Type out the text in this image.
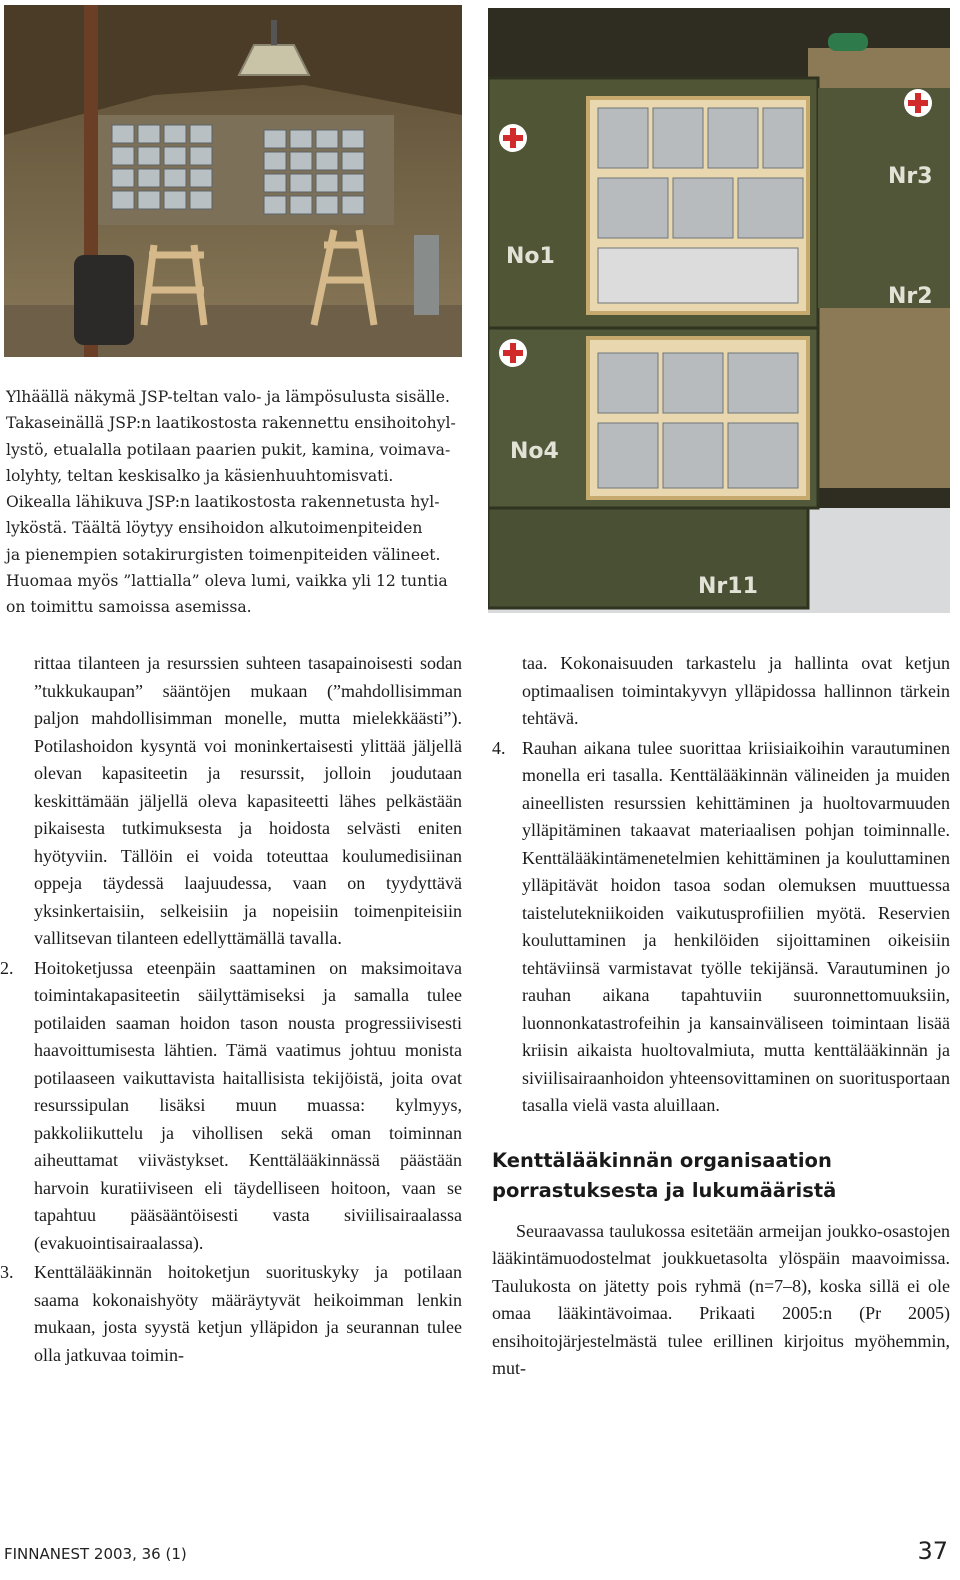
No1
Nr3
Nr2
No4
Nr11

Ylhäällä näkymä JSP-teltan valo- ja lämpösulusta sisälle.

Takaseinällä JSP:n laatikostosta rakennettu ensihoitohyl-

lystö, etualalla potilaan paarien pukit, kamina, voimava-

lolyhty, teltan keskisalko ja käsienhuuhtomisvati.

Oikealla lähikuva JSP:n laatikostosta rakennetusta hyl-

lyköstä. Täältä löytyy ensihoidon alkutoimenpiteiden

ja pienempien sotakirurgisten toimenpiteiden välineet.

Huomaa myös ”lattialla” oleva lumi, vaikka yli 12 tuntia

on toimittu samoissa asemissa.

rittaa tilanteen ja resurssien suhteen tasapainoisesti sodan ”tukkukaupan” sääntöjen mukaan (”mahdollisimman paljon mahdollisimman monelle, mutta mielekkäästi”). Potilashoidon kysyntä voi moninkertaisesti ylittää jäljellä olevan kapasiteetin ja resurssit, jolloin joudutaan keskittämään jäljellä oleva kapasiteetti lähes pelkästään pikaisesta tutkimuksesta ja hoidosta selvästi eniten hyötyviin. Tällöin ei voida toteuttaa koulumedisiinan oppeja täydessä laajuudessa, vaan on tyydyttävä yksinkertaisiin, selkeisiin ja nopeisiin toimenpiteisiin vallitsevan tilanteen edellyttämällä tavalla.

2. Hoitoketjussa eteenpäin saattaminen on maksimoitava toimintakapasiteetin säilyttämiseksi ja samalla tulee potilaiden saaman hoidon tason nousta progressiivisesti haavoittumisesta lähtien. Tämä vaatimus johtuu monista potilaaseen vaikuttavista haitallisista tekijöistä, joita ovat resurssipulan lisäksi muun muassa: kylmyys, pakkoliikuttelu ja vihollisen sekä oman toiminnan aiheuttamat viivästykset. Kenttälääkinnässä päästään harvoin kuratiiviseen eli täydelliseen hoitoon, vaan se tapahtuu pääsääntöisesti vasta siviilisairaalassa (evakuointisairaalassa).
3. Kenttälääkinnän hoitoketjun suorituskyky ja potilaan saama kokonaishyöty määräytyvät heikoimman lenkin mukaan, josta syystä ketjun ylläpidon ja seurannan tulee olla jatkuvaa toimin-

taa. Kokonaisuuden tarkastelu ja hallinta ovat ketjun optimaalisen toimintakyvyn ylläpidossa hallinnon tärkein tehtävä.

4. Rauhan aikana tulee suorittaa kriisiaikoihin varautuminen monella eri tasalla. Kenttälääkinnän välineiden ja muiden aineellisten resurssien kehittäminen ja huoltovarmuuden ylläpitäminen takaavat materiaalisen pohjan toiminnalle. Kenttälääkintämenetelmien kehittäminen ja kouluttaminen ylläpitävät hoidon tasoa sodan olemuksen muuttuessa taistelutekniikoiden vaikutusprofiilien myötä. Reservien kouluttaminen ja henkilöiden sijoittaminen oikeisiin tehtäviinsä varmistavat työlle tekijänsä. Varautuminen jo rauhan aikana tapahtuviin suuronnettomuuksiin, luonnonkatastrofeihin ja kansainväliseen toimintaan lisää kriisin aikaista huoltovalmiuta, mutta kenttälääkinnän ja siviilisairaanhoidon yhteensovittaminen on suoritusportaan tasalla vielä vasta aluillaan.
Kenttälääkinnän organisaation porrastuksesta ja lukumääristä

Seuraavassa taulukossa esitetään armeijan joukko-osastojen lääkintämuodostelmat joukkuetasolta ylöspäin maavoimissa. Taulukosta on jätetty pois ryhmä (n=7–8), koska sillä ei ole omaa lääkintävoimaa. Prikaati 2005:n (Pr 2005) ensihoitojärjestelmästä tulee erillinen kirjoitus myöhemmin, mut-

FINNANEST 2003, 36 (1)	37
